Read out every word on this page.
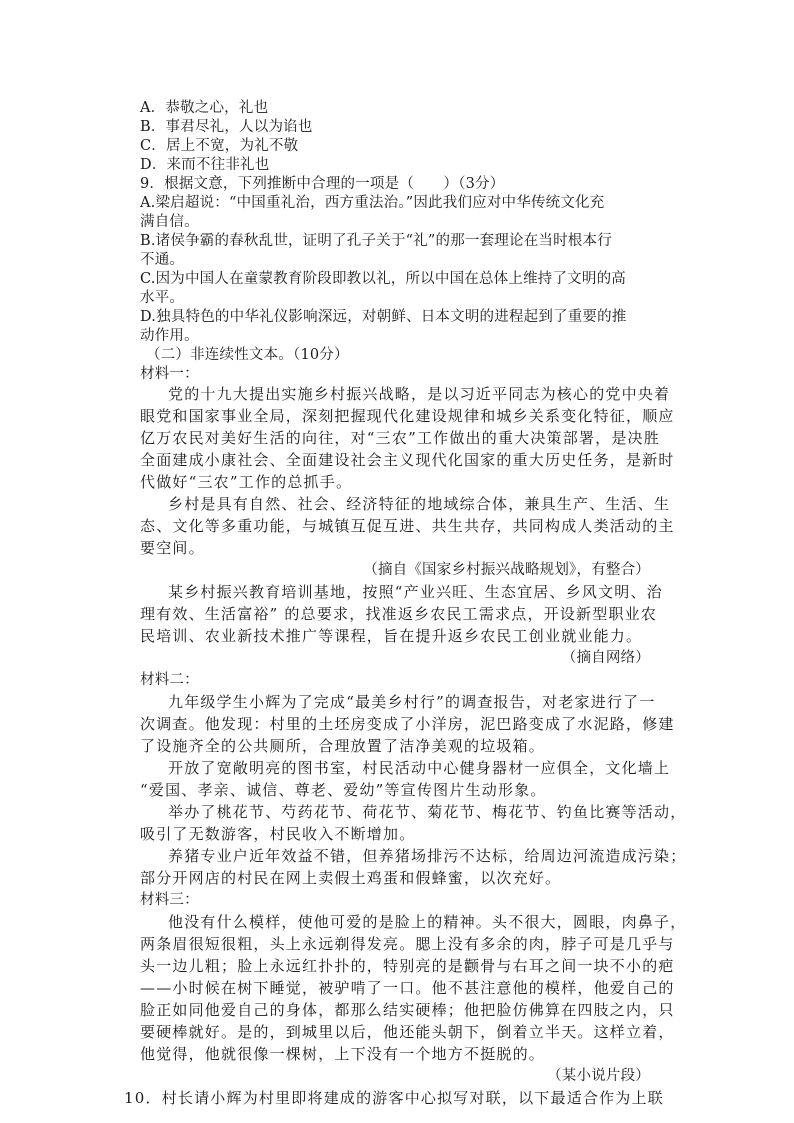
A．恭敬之心，礼也
B．事君尽礼，人以为谄也
C．居上不宽，为礼不敬
D．来而不往非礼也
9．根据文意，下列推断中合理的一项是（　　）（3分）
A.梁启超说：“中国重礼治，西方重法治。”因此我们应对中华传统文化充
满自信。
B.诸侯争霸的春秋乱世，证明了孔子关于“礼”的那一套理论在当时根本行
不通。
C.因为中国人在童蒙教育阶段即教以礼，所以中国在总体上维持了文明的高
水平。
D.独具特色的中华礼仪影响深远，对朝鲜、日本文明的进程起到了重要的推
动作用。
（二）非连续性文本。（10分）
材料一：
党的十九大提出实施乡村振兴战略，是以习近平同志为核心的党中央着
眼党和国家事业全局，深刻把握现代化建设规律和城乡关系变化特征，顺应
亿万农民对美好生活的向往，对“三农”工作做出的重大决策部署，是决胜
全面建成小康社会、全面建设社会主义现代化国家的重大历史任务，是新时
代做好“三农”工作的总抓手。
乡村是具有自然、社会、经济特征的地域综合体，兼具生产、生活、生
态、文化等多重功能，与城镇互促互进、共生共存，共同构成人类活动的主
要空间。
（摘自《国家乡村振兴战略规划》，有整合）
某乡村振兴教育培训基地，按照“产业兴旺、生态宜居、乡风文明、治
理有效、生活富裕” 的总要求，找准返乡农民工需求点，开设新型职业农
民培训、农业新技术推广等课程，旨在提升返乡农民工创业就业能力。
（摘自网络）
材料二：
九年级学生小辉为了完成“最美乡村行”的调查报告，对老家进行了一
次调查。他发现：村里的土坯房变成了小洋房，泥巴路变成了水泥路，修建
了设施齐全的公共厕所，合理放置了洁净美观的垃圾箱。
开放了宽敞明亮的图书室，村民活动中心健身器材一应俱全，文化墙上
“爱国、孝亲、诚信、尊老、爱幼”等宣传图片生动形象。
举办了桃花节、芍药花节、荷花节、菊花节、梅花节、钓鱼比赛等活动，
吸引了无数游客，村民收入不断增加。
养猪专业户近年效益不错，但养猪场排污不达标，给周边河流造成污染；
部分开网店的村民在网上卖假土鸡蛋和假蜂蜜，以次充好。
材料三：
他没有什么模样，使他可爱的是脸上的精神。头不很大，圆眼，肉鼻子，
两条眉很短很粗，头上永远剃得发亮。腮上没有多余的肉，脖子可是几乎与
头一边儿粗；脸上永远红扑扑的，特别亮的是颧骨与右耳之间一块不小的疤
——小时候在树下睡觉，被驴啃了一口。他不甚注意他的模样，他爱自己的
脸正如同他爱自己的身体，都那么结实硬棒；他把脸仿佛算在四肢之内，只
要硬棒就好。是的，到城里以后，他还能头朝下，倒着立半天。这样立着，
他觉得，他就很像一棵树，上下没有一个地方不挺脱的。
（某小说片段）
10．村长请小辉为村里即将建成的游客中心拟写对联，以下最适合作为上联
